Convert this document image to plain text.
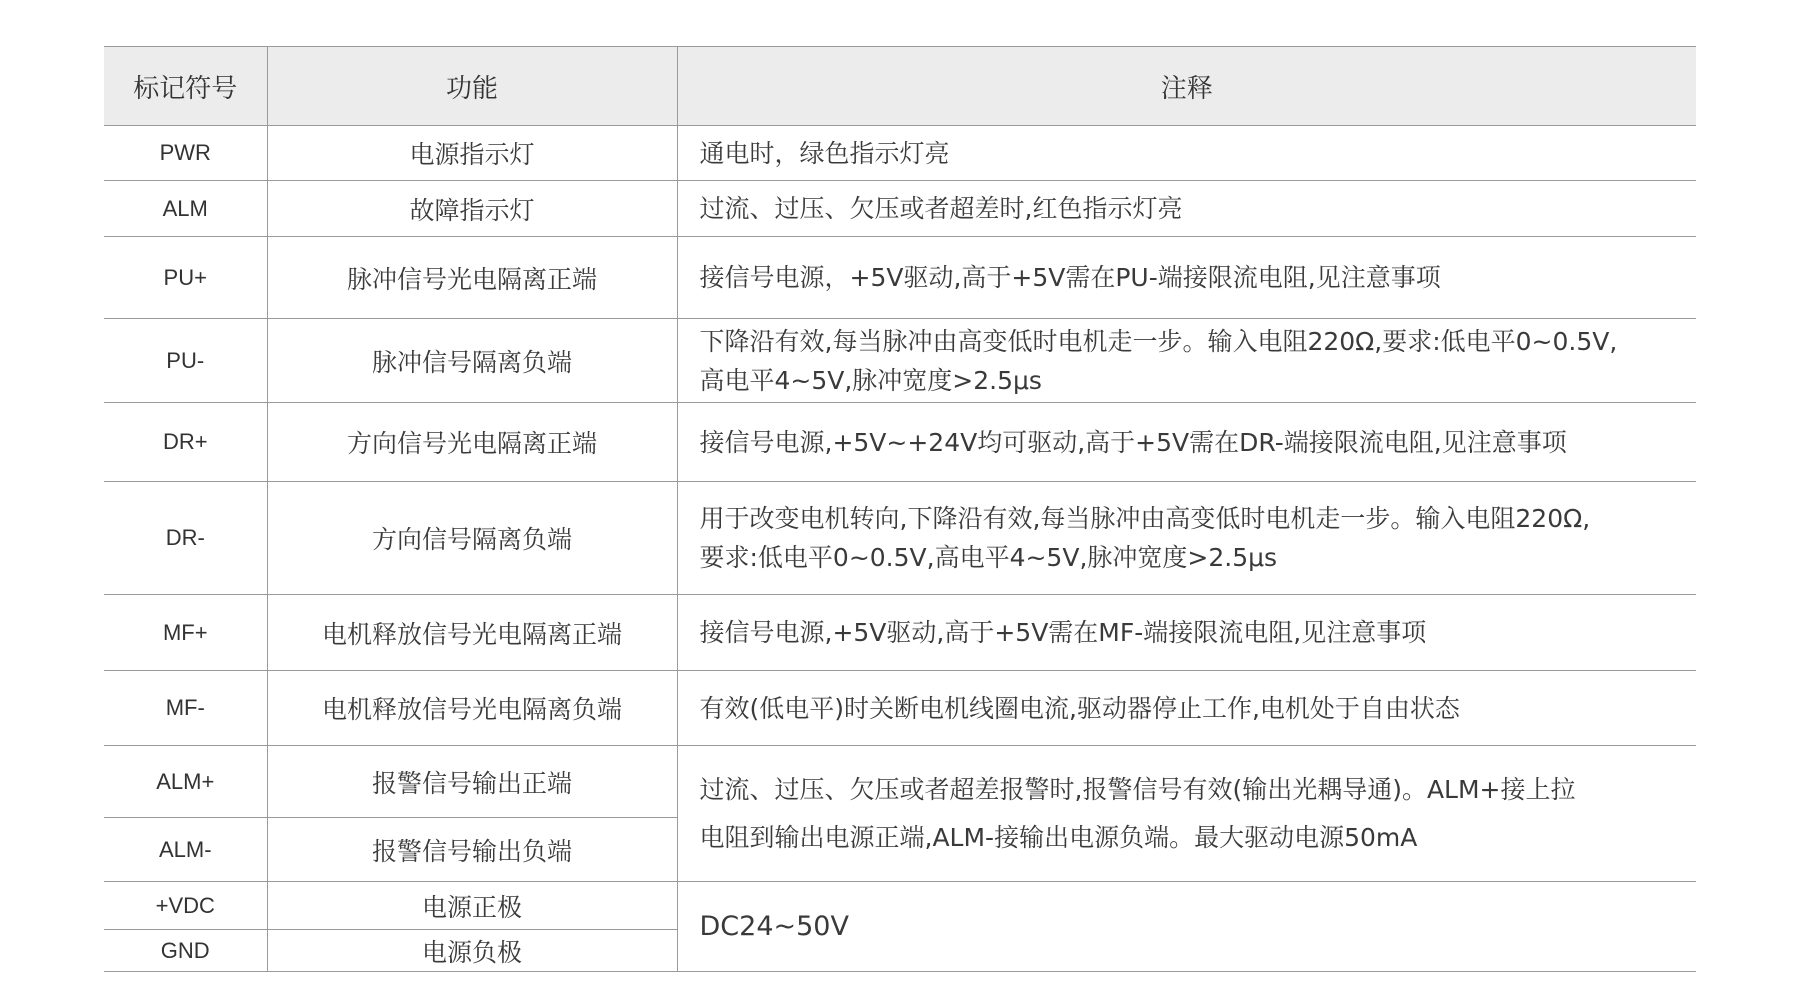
标记符号	功能	注释
PWR	电源指示灯	通电时，绿色指示灯亮
ALM	故障指示灯	过流、过压、欠压或者超差时,红色指示灯亮
PU+	脉冲信号光电隔离正端	接信号电源，+5V驱动,高于+5V需在PU-端接限流电阻,见注意事项
PU-	脉冲信号隔离负端	下降沿有效,每当脉冲由高变低时电机走一步。输入电阻220Ω,要求:低电平0~0.5V,
高电平4~5V,脉冲宽度>2.5μs

DR+	方向信号光电隔离正端	接信号电源,+5V~+24V均可驱动,高于+5V需在DR-端接限流电阻,见注意事项
DR-	方向信号隔离负端	用于改变电机转向,下降沿有效,每当脉冲由高变低时电机走一步。输入电阻220Ω,
要求:低电平0~0.5V,高电平4~5V,脉冲宽度>2.5μs

MF+	电机释放信号光电隔离正端	接信号电源,+5V驱动,高于+5V需在MF-端接限流电阻,见注意事项
MF-	电机释放信号光电隔离负端	有效(低电平)时关断电机线圈电流,驱动器停止工作,电机处于自由状态
ALM+	报警信号输出正端	过流、过压、欠压或者超差报警时,报警信号有效(输出光耦导通)。ALM+接上拉
电阻到输出电源正端,ALM-接输出电源负端。最大驱动电源50mA

ALM-	报警信号输出负端	
+VDC	电源正极	DC24~50V
GND	电源负极	
